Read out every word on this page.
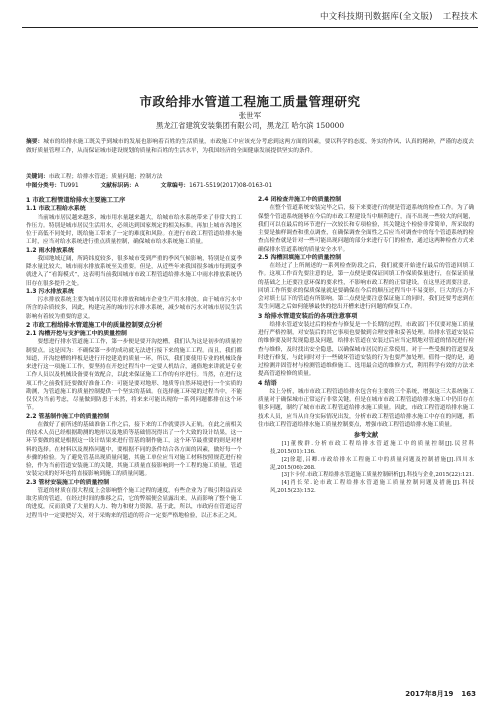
中文科技期刊数据库(全文版) 工程技术
市政给排水管道工程施工质量管理研究
张世军
黑龙江省建筑安装集团有限公司，黑龙江 哈尔滨 150000
摘要：城市的给排水施工既关乎到城市的发展也影响着百姓的生活质量，市政施工中应该充分考虑到这两方面的因素，要以科学的态度、务实的作风、认真的精神，严谨的态度去做好质量管理工作，从而保证城市建设规划的质量和百姓的生活水平，为我国经济的全面健康发展提供坚实的条件。
关键词：市政工程；给排水管道；质量问题；控制方法
中图分类号：TU991	文献标识码：A	文章编号：1671-5519(2017)08-0163-01

1 市政工程管道给排水主要施工工序

1.1 市政工程给水系统

当前城市居民越来越多，城市用水量越来越大，给城市给水系统带来了非常大的工作压力。特别是城市居民生活用水，必须达到国家规定的相关标准。再加上城市各地区位于高低不同处时，既给施工带来了一定的难度和风险。在进行市政工程管道给排水施工时，应当对给水系统进行重点质量控制，确保城市给水系统施工质量。

1.2 雨水排放系统

我国地域辽阔，所跨纬度较多，很多城市受到严重的季风气候影响，特别是在夏季降水量比较大，城市雨水排放系统至关重要。但是，从近些年来我国很多城市每到夏季就进入了“看海模式”，这表明当前我国城市市政工程管道给排水施工中雨水排放系统仍旧存在很多提升之处。

1.3 污水排放系统

污水排放系统主要为城市居民用水排放和城市企业生产用水排放。由于城市污水中所含的杂质较多，因此，构建完善的城市污水排水系统，减少城市污水对城市居民生活影响有着较为重要的意义。

2 市政工程给排水管道施工中的质量控制要点分析

2.1 沟槽开挖与支护施工中的质量控制

要想进行排水管道施工工作，第一步便是要开沟挖槽，我们认为这是初步的质量控制要点。这是因为：不确保第一步的成功就无法进行接下来的施工工程。而且，我们都知道，开沟挖槽的样板是进行开挖建造的质量一环，所以，我们要使用专业的机械设备来进行这一项施工工作，要坚持在开挖过程当中一定要人机结合，通俗地来讲就是专业工作人员以及机械设备要有效配合，以此来保证施工工作的有序进行。当然，在进行这项工作之前我们还要做好准备工作：可能是要对地形、地质等自然环境进行一个实质的勘测，为管道施工的质量控制提供一个坚实的基础。在选择施工环境的过程当中，不能仅仅为当前考虑，尽量做到防患于未然，将来来可能出现的一系列问题都排在这个环节。

2.2 管基制作施工中的质量控制

在做好了前所述的基础准备工作之后，接下来的工作就要涉入正轨。在此之前相关的技术人员已经根据勘测的地形以及地质等基础情况得出了一个大致的设计结果，这一环节要做的就是根据这一设计结果来进行管基的制作施工，这个环节最重要的则是对材料的选择。在材料以及规格问题中，要根据不同的条件结合各方面的因素，做好每一个步骤的检验。为了避免管基出现质量问题，其施工单位应当对施工材料按照规范进行检验，作为当前管道安装施工的关键，其施工质量直接影响到一个工程的施工质量，管道安装完成的好坏也将直接影响到施工的质量问题。

2.3 管材安装施工中的质量控制

管道的材质在很大程度上会影响整个施工过程的速度，有些企业为了吸引利益而采取劣质的管道，在经过时间的推移之后，它的弊端便会显露出来，从而影响了整个施工的进度，反而浪费了大量的人力、物力和财力资源。基于此，所以，市政府在管道运营过程当中一定要把好关，对于采购来的管道的符合一定要严格地检验，以正本正之风。

2.4 闭检查井施工中的质量控制

在整个管道系统安装完毕之后，接下来要进行的便是管道系统的检查工作。为了确保整个管道系统能够在今后的市政工程建设当中顺利进行，而不出现一些较大的问题，我们可以在最后的环节进行一次较长和专项检验，其关键这个检验非常简单，所采取的主要是抽样调查和重点调查，在确保调查全面性之后应当对调查中的每个管道系统的检查点检查就是针对一些可能出现问题的部分来进行专门的检查，通过这两种检查方式来确保排水管道系统的质量安全水平。

2.5 沟槽回填施工中的质量控制

在经过了上所阐述的一系列检查防段之后，我们就要开始进行最后的管道回填工作。这项工作首先要注意的是，第一点便是要保证回填工作保质保量进行，在保证质量的基础之上还要注意环保的要求性，不影响市政工程的正常建设。在这里还需要注意，回填工作所要求的保质保量就是要确保在今后的顺压过程当中不易变形，巨大的压力不会对填土层下的管道有所影响。第二点便是要注意保证施工的同时，我们还要考虑到在发生问题之后如何能够最快的挖出开槽来进行问题的修复工作。

3 给排水管道安装后的各项注意事项

给排水管道安装过后的检查与修复是一个长期的过程，市政部门不仅要对施工质量进行严格控制，对安装后的其它事项也要做到合理安排和妥善处理。给排水管道安装后的维修要及时发现隐患及问题，给排水管道在安装过后应当定期地对管道的情况进行检查与维修，及时找出安全隐患，以确保城市居民的正常使用。对于一些受损的管道要及时进行修复，与此同时对于一些破坏管道安装的行为也要严加处理。值得一提的是，通过检测并固管材与检测管道维修施工、选用最合适的维修方式，利用科学有效的方法来提高管道检修的质量。

4 结语

综上分析，城市市政工程管道给排水包含有主要的三个系统，增强这三大系统施工质量对于确保城市正常运行非常关键。但是在城市市政工程管道给排水施工中仍旧存在很多问题，制约了城市市政工程管道给排水施工质量。因此，市政工程管道给排水施工技术人员，应当从自身实际情况出发，分析市政工程管道给排水施工中存在的问题，抓住市政工程管道给排水施工质量控制要点，增强市政工程管道给排水施工质量。

参考文献

[1]董俊群.分析市政工程给排水管道施工中的质量控制[J].民营科技,2015(01):136.

[2]徐超,吕卿.市政给排水工程施工中的质量问题及控制措施[J].四川水泥,2015(06):268.

[3]卞卡付.市政工程给排水管道施工质量控制研析[J].科技与企业,2015(22):121.

[4]肖长荣.论市政工程给排水管道施工质量控制问题及措施[J].科技风,2015(23):152.

2017年8月19 163
